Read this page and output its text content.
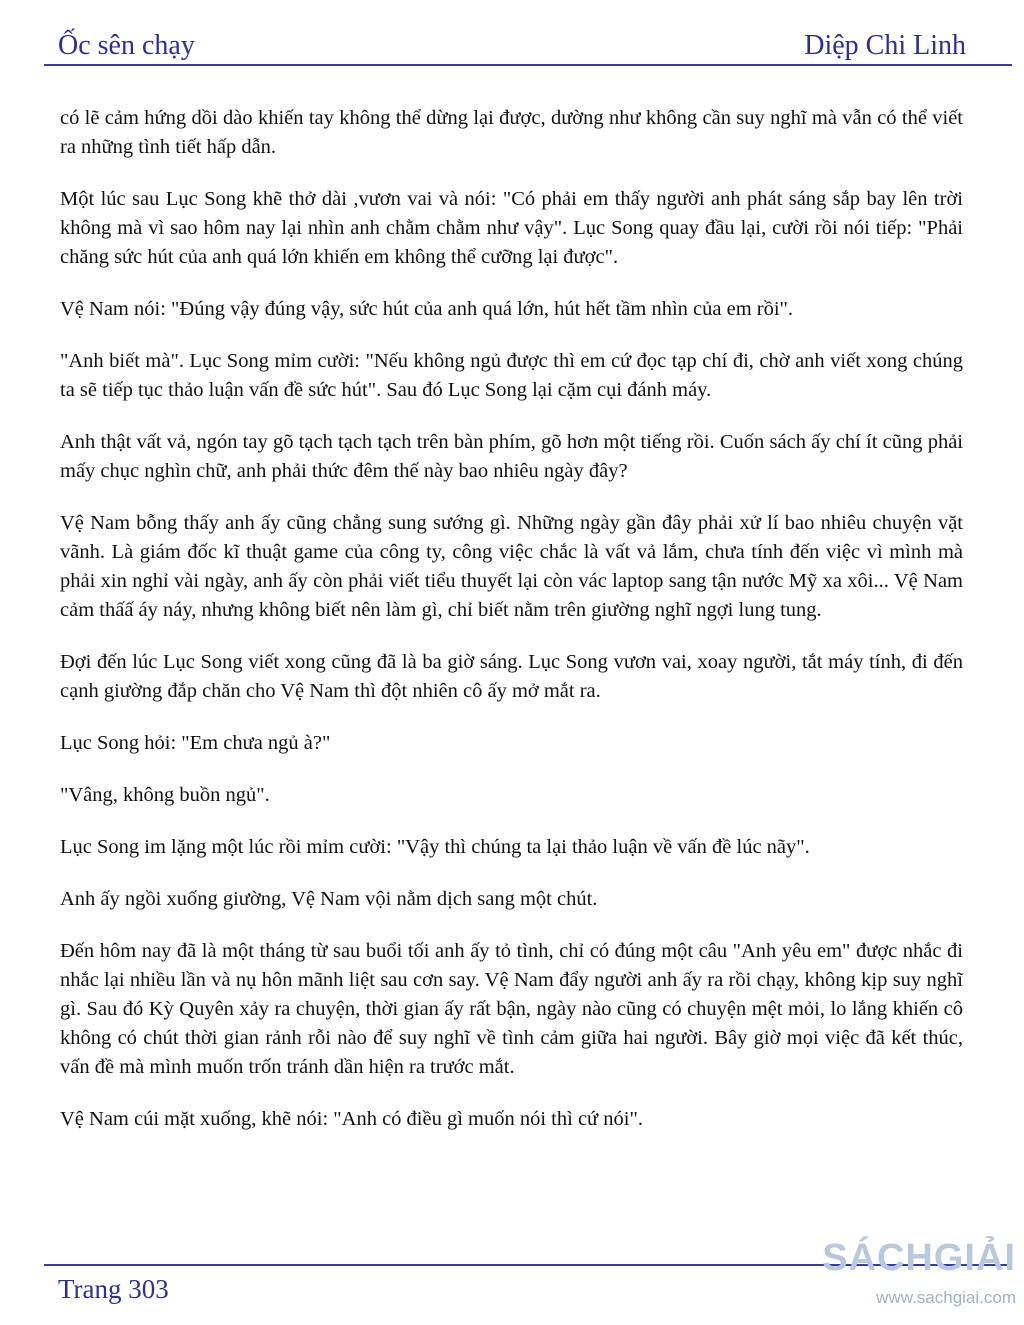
Ốc sên chạy	Diệp Chi Linh

có lẽ cảm hứng dồi dào khiến tay không thể dừng lại được, dường như không cần suy nghĩ mà vẫn có thể viết ra những tình tiết hấp dẫn.

Một lúc sau Lục Song khẽ thở dài ,vươn vai và nói: "Có phải em thấy người anh phát sáng sắp bay lên trời không mà vì sao hôm nay lại nhìn anh chằm chằm như vậy". Lục Song quay đầu lại, cười rồi nói tiếp: "Phải chăng sức hút của anh quá lớn khiến em không thể cưỡng lại được".

Vệ Nam nói: "Đúng vậy đúng vậy, sức hút của anh quá lớn, hút hết tầm nhìn của em rồi".

"Anh biết mà". Lục Song mỉm cười: "Nếu không ngủ được thì em cứ đọc tạp chí đi, chờ anh viết xong chúng ta sẽ tiếp tục thảo luận vấn đề sức hút". Sau đó Lục Song lại cặm cụi đánh máy.

Anh thật vất vả, ngón tay gõ tạch tạch tạch trên bàn phím, gõ hơn một tiếng rồi. Cuốn sách ấy chí ít cũng phải mấy chục nghìn chữ, anh phải thức đêm thế này bao nhiêu ngày đây?

Vệ Nam bỗng thấy anh ấy cũng chẳng sung sướng gì. Những ngày gần đây phải xử lí bao nhiêu chuyện vặt vãnh. Là giám đốc kĩ thuật game của công ty, công việc chắc là vất vả lắm, chưa tính đến việc vì mình mà phải xin nghỉ vài ngày, anh ấy còn phải viết tiểu thuyết lại còn vác laptop sang tận nước Mỹ xa xôi... Vệ Nam cảm thấấ áy náy, nhưng không biết nên làm gì, chỉ biết nằm trên giường nghĩ ngợi lung tung.

Đợi đến lúc Lục Song viết xong cũng đã là ba giờ sáng. Lục Song vươn vai, xoay người, tắt máy tính, đi đến cạnh giường đắp chăn cho Vệ Nam thì đột nhiên cô ấy mở mắt ra.

Lục Song hỏi: "Em chưa ngủ à?"

"Vâng, không buồn ngủ".

Lục Song im lặng một lúc rồi mỉm cười: "Vậy thì chúng ta lại thảo luận về vấn đề lúc nãy".

Anh ấy ngồi xuống giường, Vệ Nam vội nằm dịch sang một chút.

Đến hôm nay đã là một tháng từ sau buổi tối anh ấy tỏ tình, chỉ có đúng một câu "Anh yêu em" được nhắc đi nhắc lại nhiều lần và nụ hôn mãnh liệt sau cơn say. Vệ Nam đẩy người anh ấy ra rồi chạy, không kịp suy nghĩ gì. Sau đó Kỳ Quyên xảy ra chuyện, thời gian ấy rất bận, ngày nào cũng có chuyện mệt mỏi, lo lắng khiến cô không có chút thời gian rảnh rỗi nào để suy nghĩ về tình cảm giữa hai người. Bây giờ mọi việc đã kết thúc, vấn đề mà mình muốn trốn tránh dần hiện ra trước mắt.

Vệ Nam cúi mặt xuống, khẽ nói: "Anh có điều gì muốn nói thì cứ nói".

Trang 303
SÁCHGIẢI
www.sachgiai.com
